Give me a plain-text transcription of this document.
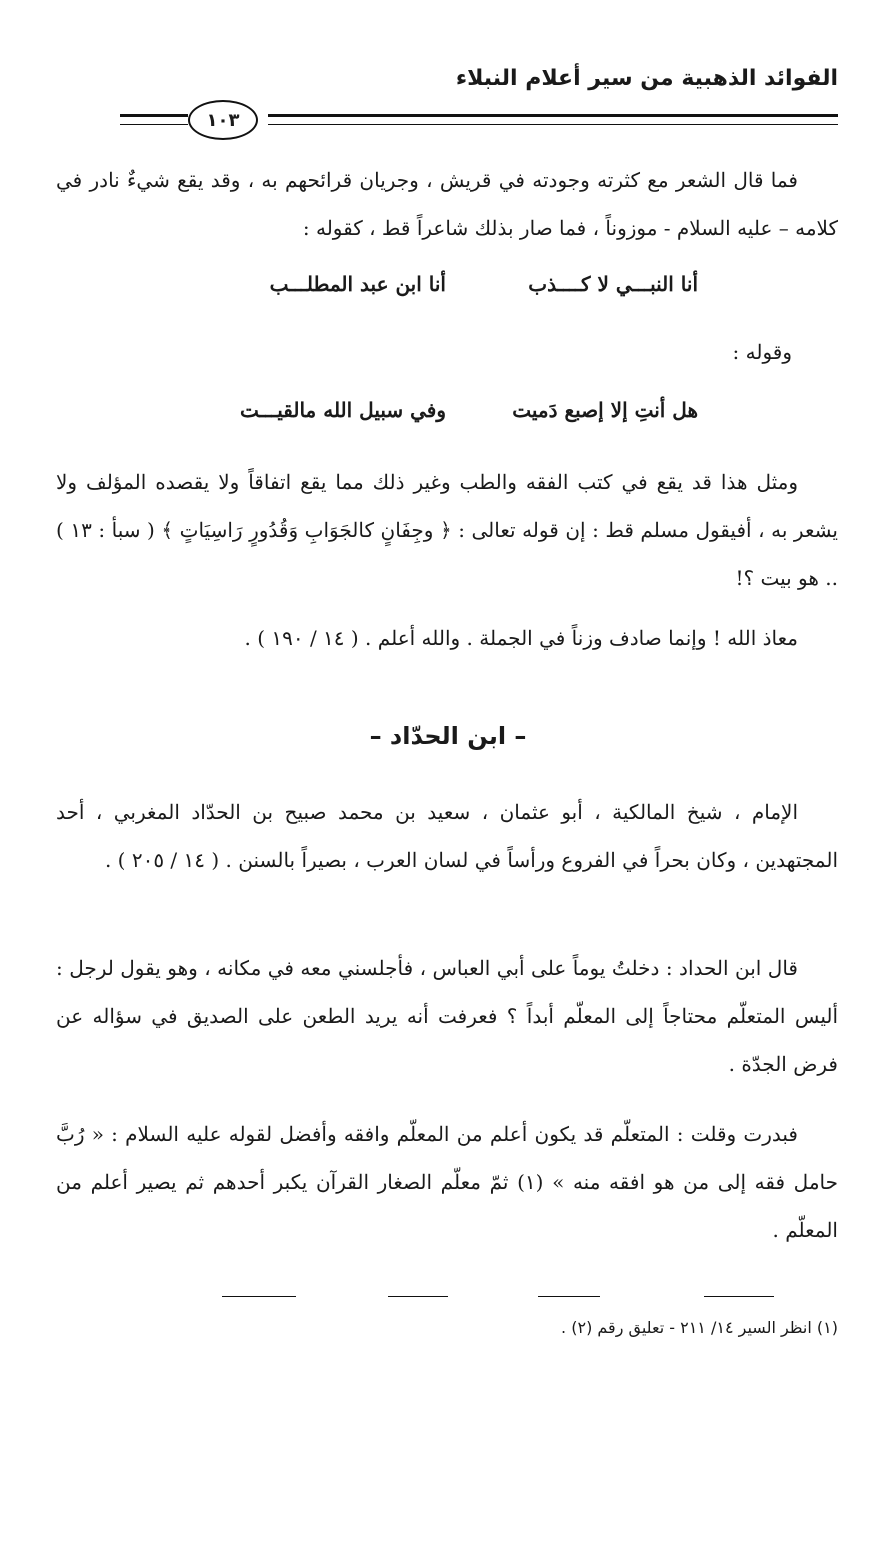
الفوائد الذهبية من سير أعلام النبلاء
١٠٣

فما قال الشعر مع كثرته وجودته في قريش ، وجريان قرائحهم به ، وقد يقع شيءٌ نادر في كلامه – عليه السلام - موزوناً ، فما صار بذلك شاعراً قط ، كقوله :

أنا النبـــي لا كــــذب
أنا ابن عبد المطلـــب
وقوله :
هل أنتِ إلا إصبع دَميت
وفي سبيل الله مالقيـــت

ومثل هذا قد يقع في كتب الفقه والطب وغير ذلك مما يقع اتفاقاً ولا يقصده المؤلف ولا يشعر به ، أفيقول مسلم قط : إن قوله تعالى : ﴿ وجِفَانٍ كالجَوَابِ وَقُدُورٍ رَاسِيَاتٍ ﴾ ( سبأ : ١٣ ) .. هو بيت ؟!

معاذ الله ! وإنما صادف وزناً في الجملة . والله أعلم . ( ١٤ / ١٩٠ ) .

– ابن الحدّاد –

الإمام ، شيخ المالكية ، أبو عثمان ، سعيد بن محمد صبيح بن الحدّاد المغربي ، أحد المجتهدين ، وكان بحراً في الفروع ورأساً في لسان العرب ، بصيراً بالسنن . ( ١٤ / ٢٠٥ ) .

قال ابن الحداد : دخلتُ يوماً على أبي العباس ، فأجلسني معه في مكانه ، وهو يقول لرجل : أليس المتعلّم محتاجاً إلى المعلّم أبداً ؟ فعرفت أنه يريد الطعن على الصديق في سؤاله عن فرض الجدّة .

فبدرت وقلت : المتعلّم قد يكون أعلم من المعلّم وافقه وأفضل لقوله عليه السلام : « رُبَّ حامل فقه إلى من هو افقه منه » (١) ثمّ معلّم الصغار القرآن يكبر أحدهم ثم يصير أعلم من المعلّم .

(١) انظر السير ١٤/ ٢١١ - تعليق رقم (٢) .
